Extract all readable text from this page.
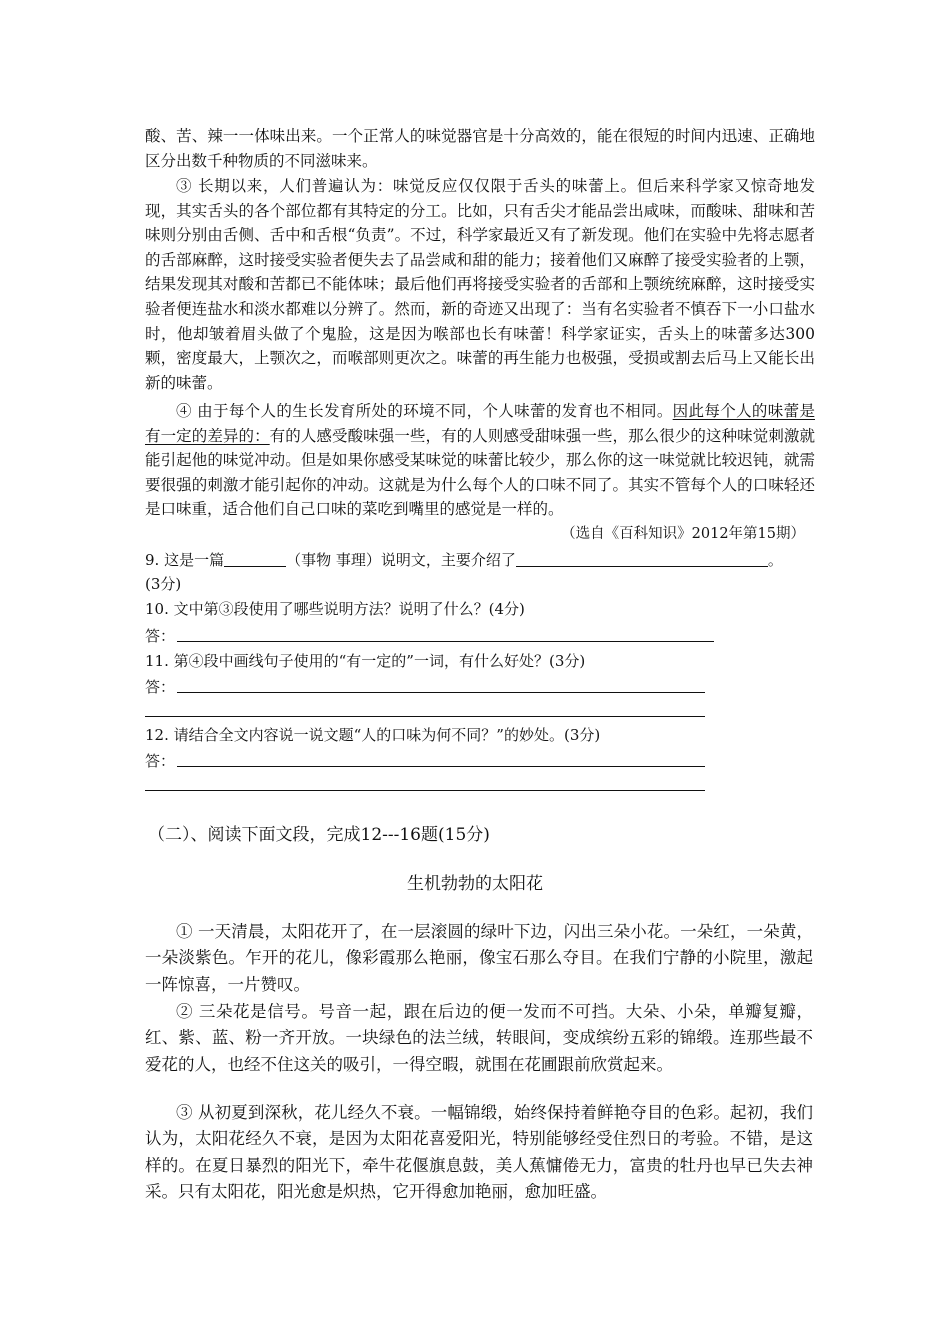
酸、苦、辣一一体味出来。一个正常人的味觉器官是十分高效的，能在很短的时间内迅速、正确地区分出数千种物质的不同滋味来。

③ 长期以来，人们普遍认为：味觉反应仅仅限于舌头的味蕾上。但后来科学家又惊奇地发现，其实舌头的各个部位都有其特定的分工。比如，只有舌尖才能品尝出咸味，而酸味、甜味和苦味则分别由舌侧、舌中和舌根“负责”。不过，科学家最近又有了新发现。他们在实验中先将志愿者的舌部麻醉，这时接受实验者便失去了品尝咸和甜的能力；接着他们又麻醉了接受实验者的上颚，结果发现其对酸和苦都已不能体味；最后他们再将接受实验者的舌部和上颚统统麻醉，这时接受实验者便连盐水和淡水都难以分辨了。然而，新的奇迹又出现了：当有名实验者不慎吞下一小口盐水时，他却皱着眉头做了个鬼脸，这是因为喉部也长有味蕾！科学家证实，舌头上的味蕾多达300颗，密度最大，上颚次之，而喉部则更次之。味蕾的再生能力也极强，受损或割去后马上又能长出新的味蕾。

④ 由于每个人的生长发育所处的环境不同，个人味蕾的发育也不相同。因此每个人的味蕾是有一定的差异的：有的人感受酸味强一些，有的人则感受甜味强一些，那么很少的这种味觉刺激就能引起他的味觉冲动。但是如果你感受某味觉的味蕾比较少，那么你的这一味觉就比较迟钝，就需要很强的刺激才能引起你的冲动。这就是为什么每个人的口味不同了。其实不管每个人的口味轻还是口味重，适合他们自己口味的菜吃到嘴里的感觉是一样的。

（选自《百科知识》2012年第15期）
9. 这是一篇	（事物 事理）说明文，主要介绍了	。
(3分)
10. 文中第③段使用了哪些说明方法？说明了什么？(4分)
答：
11. 第④段中画线句子使用的“有一定的”一词，有什么好处？(3分)
答：
12. 请结合全文内容说一说文题“人的口味为何不同？”的妙处。(3分)
答：
（二）、阅读下面文段，完成12---16题(15分)
生机勃勃的太阳花

① 一天清晨，太阳花开了，在一层滚圆的绿叶下边，闪出三朵小花。一朵红，一朵黄，一朵淡紫色。乍开的花儿，像彩霞那么艳丽，像宝石那么夺目。在我们宁静的小院里，激起一阵惊喜，一片赞叹。

② 三朵花是信号。号音一起，跟在后边的便一发而不可挡。大朵、小朵，单瓣复瓣，红、紫、蓝、粉一齐开放。一块绿色的法兰绒，转眼间，变成缤纷五彩的锦缎。连那些最不爱花的人，也经不住这关的吸引，一得空暇，就围在花圃跟前欣赏起来。

③ 从初夏到深秋，花儿经久不衰。一幅锦缎，始终保持着鲜艳夺目的色彩。起初，我们认为，太阳花经久不衰，是因为太阳花喜爱阳光，特别能够经受住烈日的考验。不错，是这样的。在夏日暴烈的阳光下，牵牛花偃旗息鼓，美人蕉慵倦无力，富贵的牡丹也早已失去神采。只有太阳花，阳光愈是炽热，它开得愈加艳丽，愈加旺盛。
